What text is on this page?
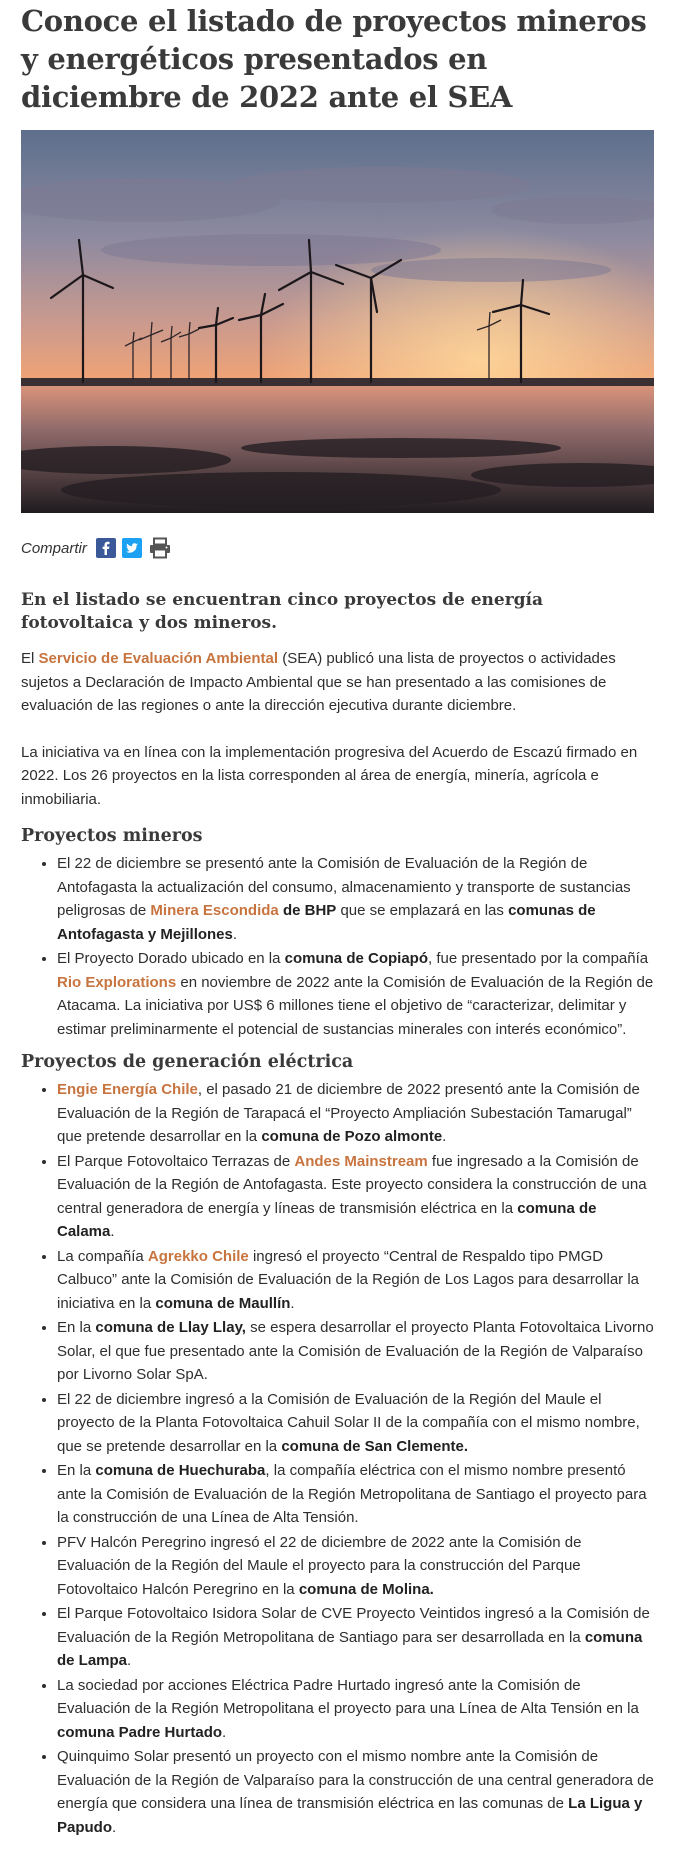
Conoce el listado de proyectos mineros y energéticos presentados en diciembre de 2022 ante el SEA
Compartir
En el listado se encuentran cinco proyectos de energía fotovoltaica y dos mineros.

El Servicio de Evaluación Ambiental (SEA) publicó una lista de proyectos o actividades sujetos a Declaración de Impacto Ambiental que se han presentado a las comisiones de evaluación de las regiones o ante la dirección ejecutiva durante diciembre.

La iniciativa va en línea con la implementación progresiva del Acuerdo de Escazú firmado en 2022. Los 26 proyectos en la lista corresponden al área de energía, minería, agrícola e inmobiliaria.

Proyectos mineros
• El 22 de diciembre se presentó ante la Comisión de Evaluación de la Región de Antofagasta la actualización del consumo, almacenamiento y transporte de sustancias peligrosas de Minera Escondida de BHP que se emplazará en las comunas de Antofagasta y Mejillones.
• El Proyecto Dorado ubicado en la comuna de Copiapó, fue presentado por la compañía Rio Explorations en noviembre de 2022 ante la Comisión de Evaluación de la Región de Atacama. La iniciativa por US$ 6 millones tiene el objetivo de “caracterizar, delimitar y estimar preliminarmente el potencial de sustancias minerales con interés económico”.
Proyectos de generación eléctrica
• Engie Energía Chile, el pasado 21 de diciembre de 2022 presentó ante la Comisión de Evaluación de la Región de Tarapacá el “Proyecto Ampliación Subestación Tamarugal” que pretende desarrollar en la comuna de Pozo almonte.
• El Parque Fotovoltaico Terrazas de Andes Mainstream fue ingresado a la Comisión de Evaluación de la Región de Antofagasta. Este proyecto considera la construcción de una central generadora de energía y líneas de transmisión eléctrica en la comuna de Calama.
• La compañía Agrekko Chile ingresó el proyecto “Central de Respaldo tipo PMGD Calbuco” ante la Comisión de Evaluación de la Región de Los Lagos para desarrollar la iniciativa en la comuna de Maullín.
• En la comuna de Llay Llay, se espera desarrollar el proyecto Planta Fotovoltaica Livorno Solar, el que fue presentado ante la Comisión de Evaluación de la Región de Valparaíso por Livorno Solar SpA.
• El 22 de diciembre ingresó a la Comisión de Evaluación de la Región del Maule el proyecto de la Planta Fotovoltaica Cahuil Solar II de la compañía con el mismo nombre, que se pretende desarrollar en la comuna de San Clemente.
• En la comuna de Huechuraba, la compañía eléctrica con el mismo nombre presentó ante la Comisión de Evaluación de la Región Metropolitana de Santiago el proyecto para la construcción de una Línea de Alta Tensión.
• PFV Halcón Peregrino ingresó el 22 de diciembre de 2022 ante la Comisión de Evaluación de la Región del Maule el proyecto para la construcción del Parque Fotovoltaico Halcón Peregrino en la comuna de Molina.
• El Parque Fotovoltaico Isidora Solar de CVE Proyecto Veintidos ingresó a la Comisión de Evaluación de la Región Metropolitana de Santiago para ser desarrollada en la comuna de Lampa.
• La sociedad por acciones Eléctrica Padre Hurtado ingresó ante la Comisión de Evaluación de la Región Metropolitana el proyecto para una Línea de Alta Tensión en la comuna Padre Hurtado.
• Quinquimo Solar presentó un proyecto con el mismo nombre ante la Comisión de Evaluación de la Región de Valparaíso para la construcción de una central generadora de energía que considera una línea de transmisión eléctrica en las comunas de La Ligua y Papudo.
